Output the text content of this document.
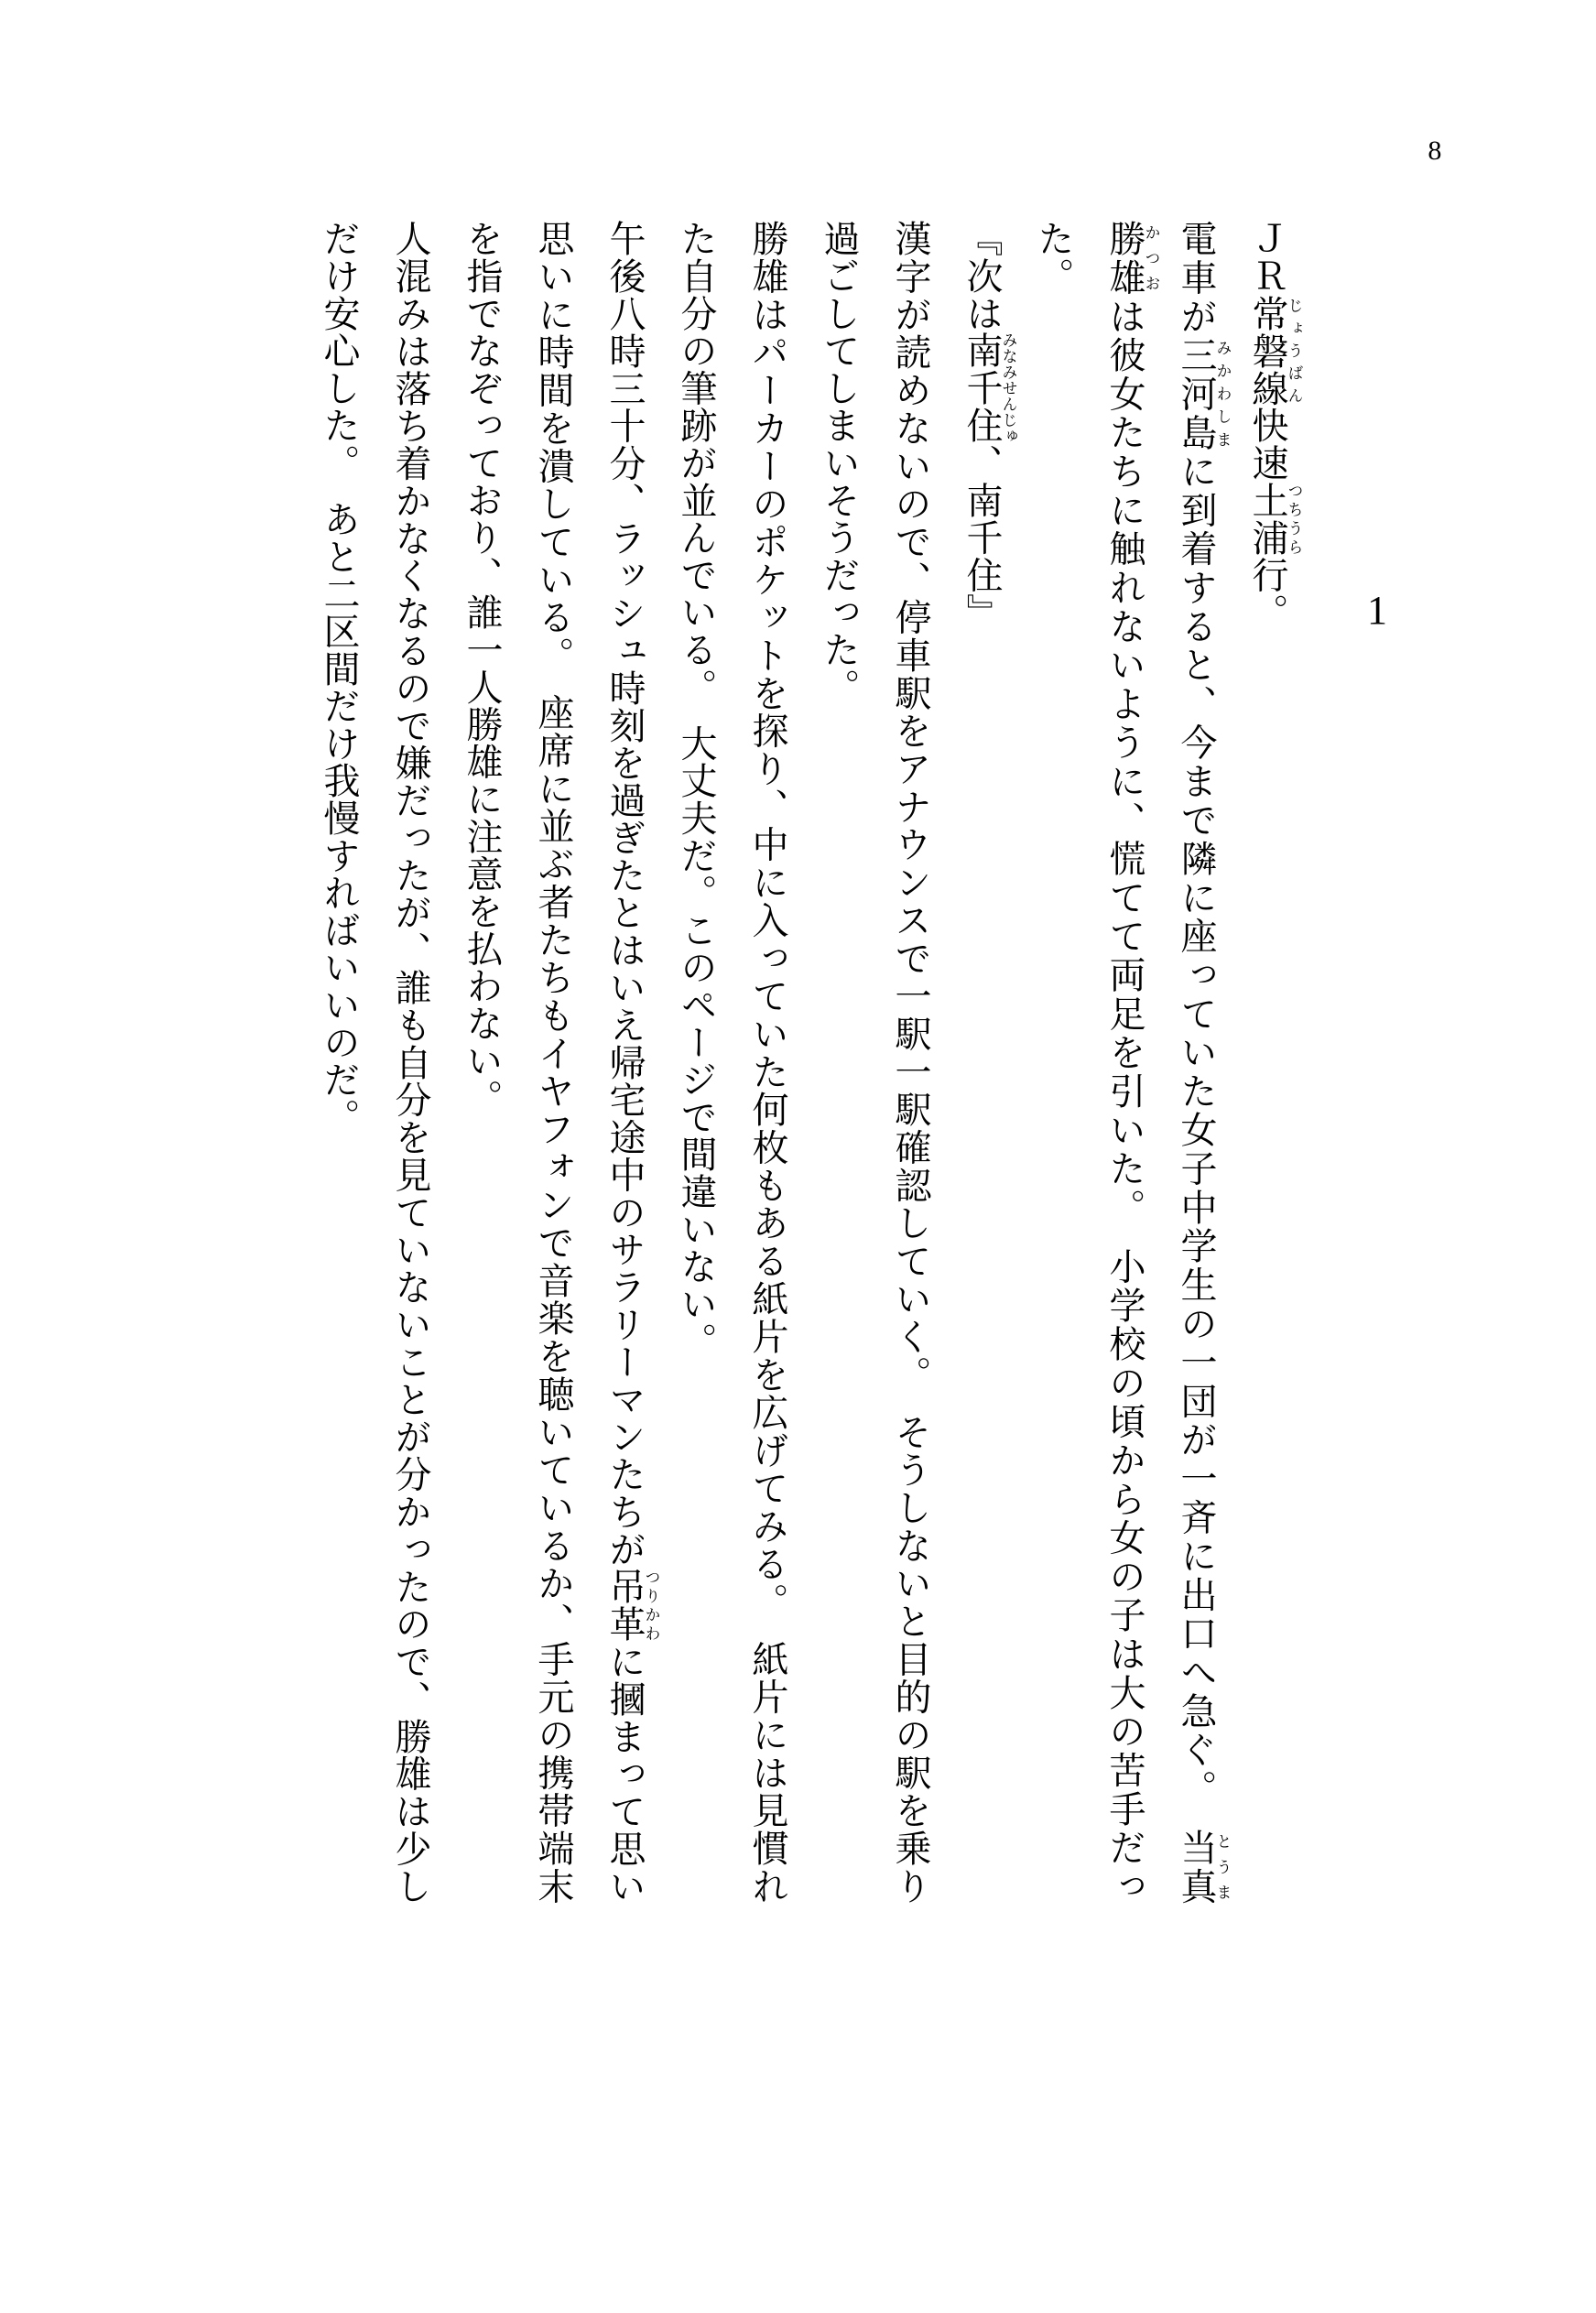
8
1

ＪＲ常磐線じょうばん快速土浦つちうら行。

電車が三河島みかわしまに到着すると、今まで隣に座っていた女子中学生の一団が一斉に出口へ急ぐ。　当真とうま勝雄かつおは彼女たちに触れないように、慌てて両足を引いた。　小学校の頃から女の子は大の苦手だった。

『次は南千住みなみせんじゅ、南千住』

漢字が読めないので、停車駅をアナウンスで一駅一駅確認していく。　そうしないと目的の駅を乗り過ごしてしまいそうだった。

勝雄はパーカーのポケットを探り、中に入っていた何枚もある紙片を広げてみる。　紙片には見慣れた自分の筆跡が並んでいる。　大丈夫だ。このページで間違いない。

午後八時三十分、ラッシュ時刻を過ぎたとはいえ帰宅途中のサラリーマンたちが吊つり革かわに摑まって思い思いに時間を潰している。　座席に並ぶ者たちもイヤフォンで音楽を聴いているか、手元の携帯端末を指でなぞっており、誰一人勝雄に注意を払わない。

人混みは落ち着かなくなるので嫌だったが、誰も自分を見ていないことが分かったので、勝雄は少しだけ安心した。　あと二区間だけ我慢すればいいのだ。
